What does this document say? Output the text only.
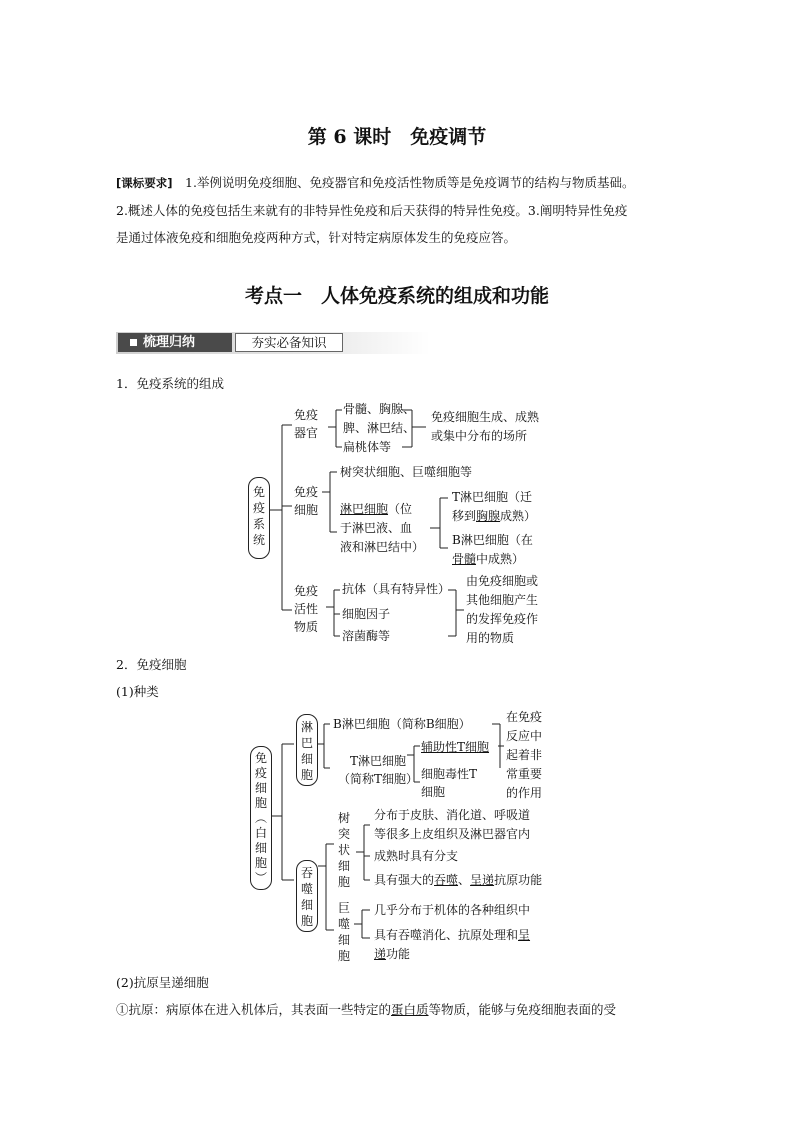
第 6 课时　免疫调节
[课标要求]　 1.举例说明免疫细胞、免疫器官和免疫活性物质等是免疫调节的结构与物质基础。
2.概述人体的免疫包括生来就有的非特异性免疫和后天获得的特异性免疫。3.阐明特异性免疫
是通过体液免疫和细胞免疫两种方式，针对特定病原体发生的免疫应答。
考点一　人体免疫系统的组成和功能
梳理归纳	夯实必备知识
1．免疫系统的组成
免
疫
系
统
免疫
器官
骨髓、胸腺、
脾、淋巴结、
扁桃体等
免疫细胞生成、成熟
或集中分布的场所
免疫
细胞
树突状细胞、巨噬细胞等
淋巴细胞（位
于淋巴液、血
液和淋巴结中）
T淋巴细胞（迁
移到胸腺成熟）
B淋巴细胞（在
骨髓中成熟）
免疫
活性
物质
抗体（具有特异性）
细胞因子
溶菌酶等
由免疫细胞或
其他细胞产生
的发挥免疫作
用的物质
2．免疫细胞
(1)种类
免
疫
细
胞
︵
白
细
胞
︶
淋
巴
细
胞
B淋巴细胞（简称B细胞）
T淋巴细胞
（简称T细胞）
辅助性T细胞
细胞毒性T
细胞
在免疫
反应中
起着非
常重要
的作用
吞
噬
细
胞
树
突
状
细
胞
分布于皮肤、消化道、呼吸道
等很多上皮组织及淋巴器官内
成熟时具有分支
具有强大的吞噬、呈递抗原功能
巨
噬
细
胞
几乎分布于机体的各种组织中
具有吞噬消化、抗原处理和呈
递功能
(2)抗原呈递细胞
①抗原：病原体在进入机体后，其表面一些特定的蛋白质等物质，能够与免疫细胞表面的受
